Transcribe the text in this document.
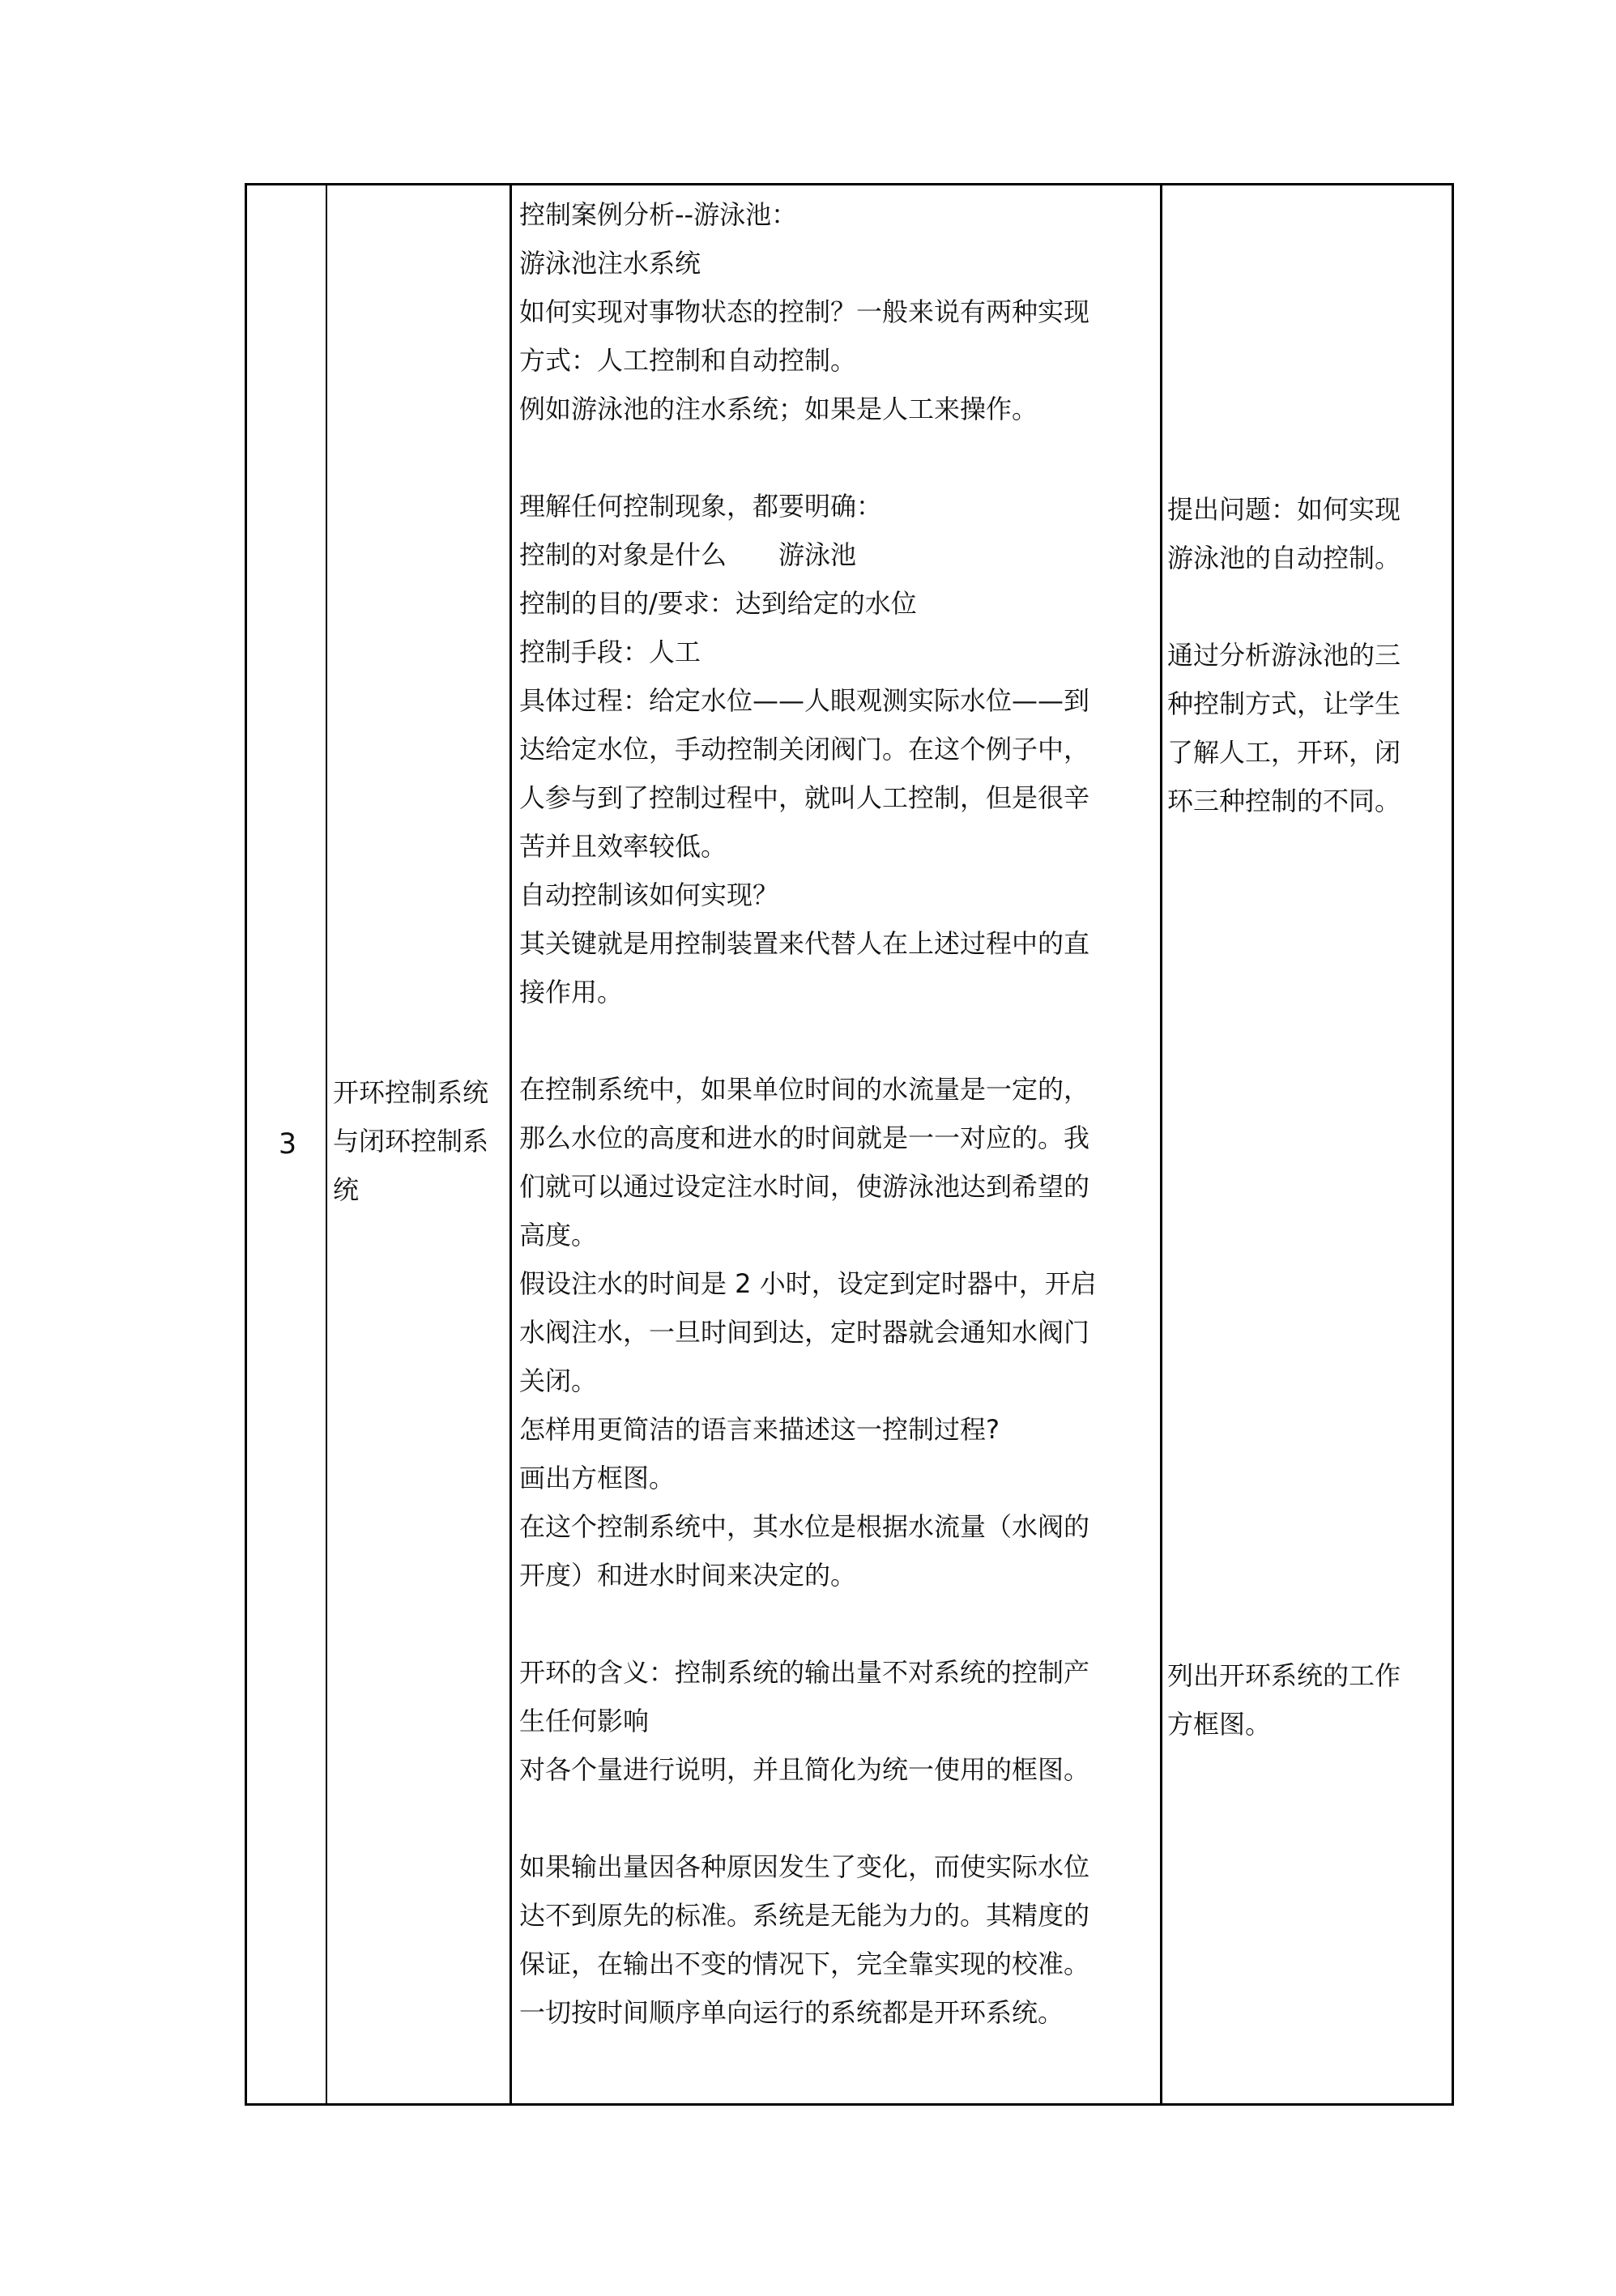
3
开环控制系统
与闭环控制系
统
控制案例分析--游泳池：
游泳池注水系统
如何实现对事物状态的控制？一般来说有两种实现
方式：人工控制和自动控制。
例如游泳池的注水系统；如果是人工来操作。
理解任何控制现象，都要明确：
控制的对象是什么　　游泳池
控制的目的/要求：达到给定的水位
控制手段：人工
具体过程：给定水位——人眼观测实际水位——到
达给定水位，手动控制关闭阀门。在这个例子中，
人参与到了控制过程中，就叫人工控制，但是很辛
苦并且效率较低。
自动控制该如何实现？
其关键就是用控制装置来代替人在上述过程中的直
接作用。
在控制系统中，如果单位时间的水流量是一定的，
那么水位的高度和进水的时间就是一一对应的。我
们就可以通过设定注水时间，使游泳池达到希望的
高度。
假设注水的时间是 2 小时，设定到定时器中，开启
水阀注水，一旦时间到达，定时器就会通知水阀门
关闭。
怎样用更简洁的语言来描述这一控制过程?
画出方框图。
在这个控制系统中，其水位是根据水流量（水阀的
开度）和进水时间来决定的。
开环的含义：控制系统的输出量不对系统的控制产
生任何影响
对各个量进行说明，并且简化为统一使用的框图。
如果输出量因各种原因发生了变化，而使实际水位
达不到原先的标准。系统是无能为力的。其精度的
保证，在输出不变的情况下，完全靠实现的校准。
一切按时间顺序单向运行的系统都是开环系统。
提出问题：如何实现
游泳池的自动控制。
通过分析游泳池的三
种控制方式，让学生
了解人工，开环，闭
环三种控制的不同。
列出开环系统的工作
方框图。
